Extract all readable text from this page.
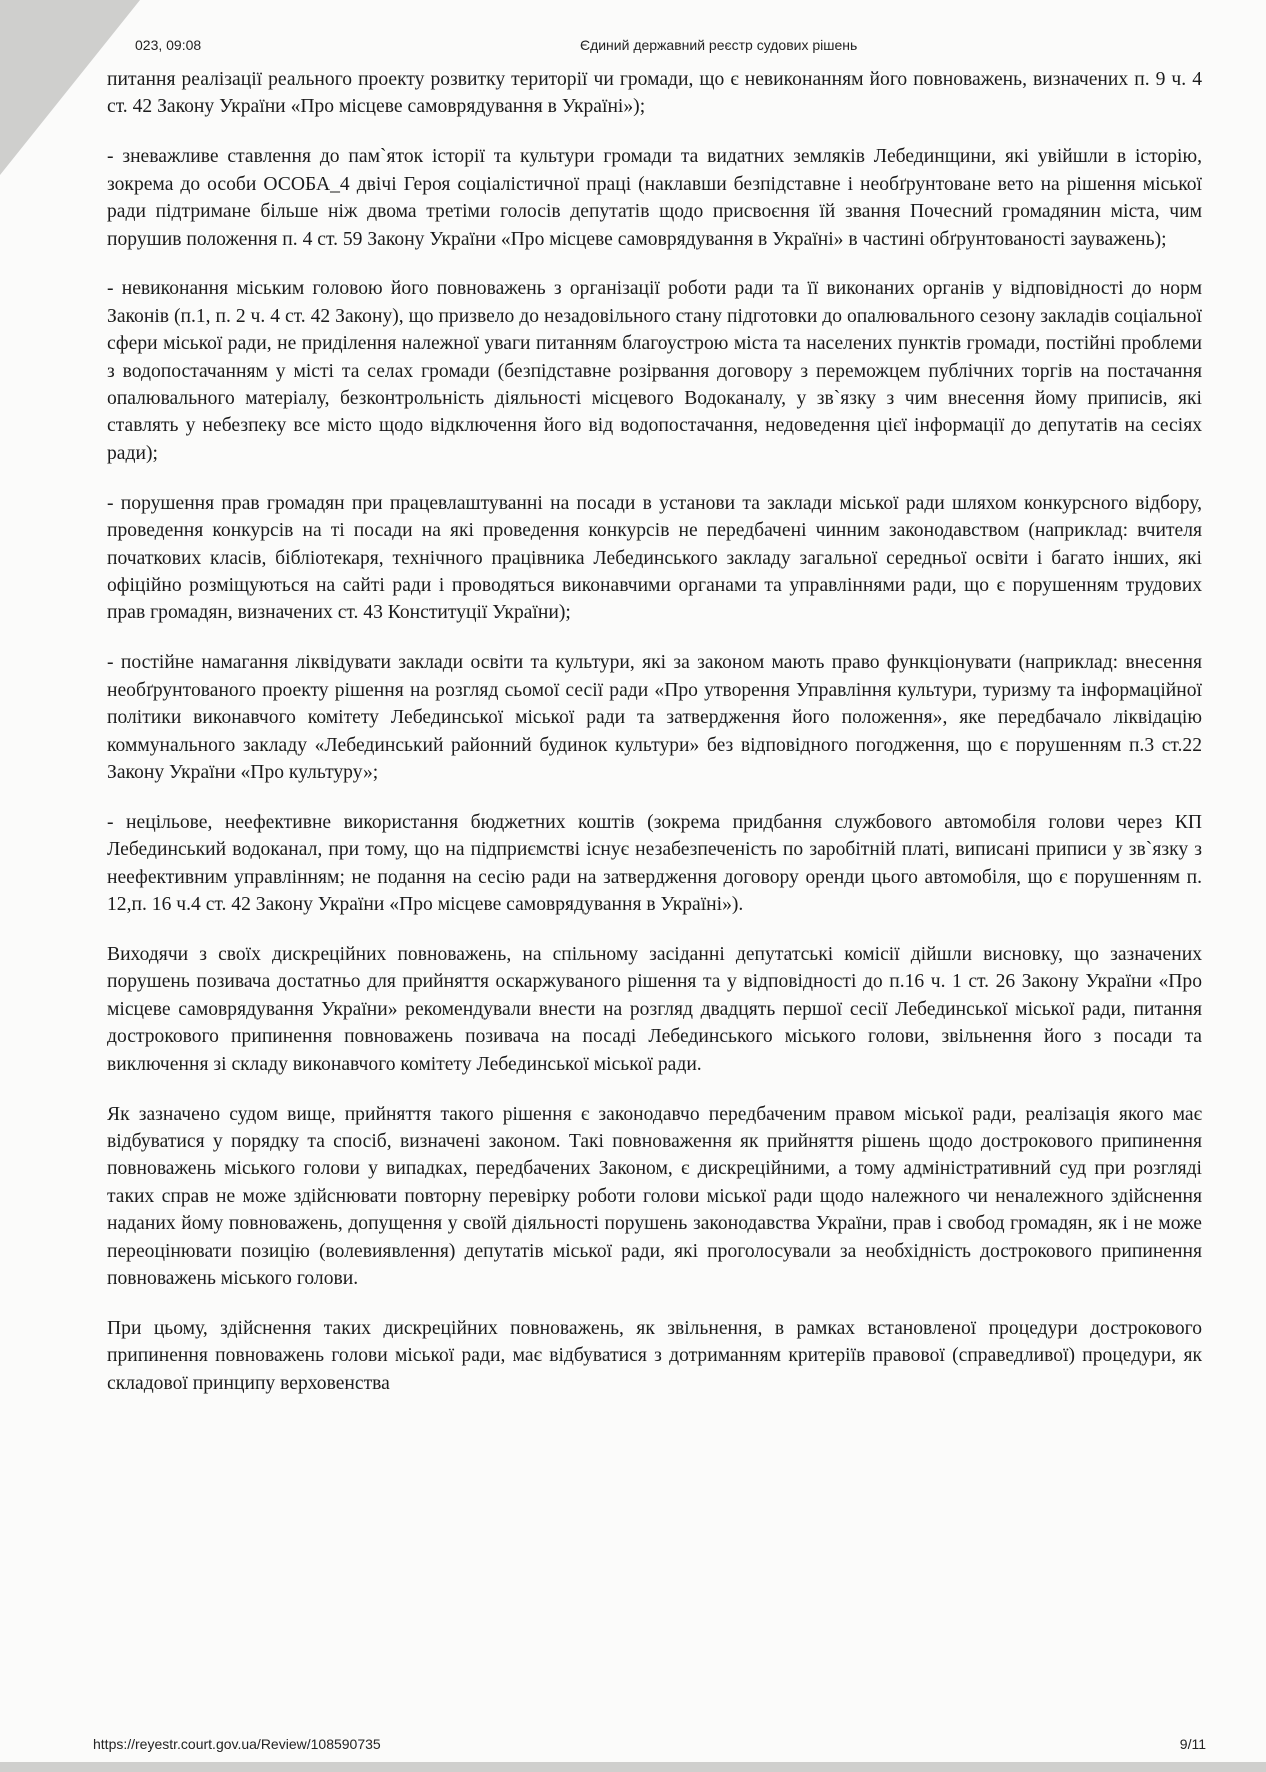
023, 09:08	Єдиний державний реєстр судових рішень

питання реалізації реального проекту розвитку території чи громади, що є невиконанням його повноважень, визначених п. 9 ч. 4 ст. 42 Закону України «Про місцеве самоврядування в Україні»);

- зневажливе ставлення до пам`яток історії та культури громади та видатних земляків Лебединщини, які увійшли в історію, зокрема до особи ОСОБА_4 двічі Героя соціалістичної праці (наклавши безпідставне і необґрунтоване вето на рішення міської ради підтримане більше ніж двома третіми голосів депутатів щодо присвоєння їй звання Почесний громадянин міста, чим порушив положення п. 4 ст. 59 Закону України «Про місцеве самоврядування в Україні» в частині обґрунтованості зауважень);

- невиконання міським головою його повноважень з організації роботи ради та її виконаних органів у відповідності до норм Законів (п.1, п. 2 ч. 4 ст. 42 Закону), що призвело до незадовільного стану підготовки до опалювального сезону закладів соціальної сфери міської ради, не приділення належної уваги питанням благоустрою міста та населених пунктів громади, постійні проблеми з водопостачанням у місті та селах громади (безпідставне розірвання договору з переможцем публічних торгів на постачання опалювального матеріалу, безконтрольність діяльності місцевого Водоканалу, у зв`язку з чим внесення йому приписів, які ставлять у небезпеку все місто щодо відключення його від водопостачання, недоведення цієї інформації до депутатів на сесіях ради);

- порушення прав громадян при працевлаштуванні на посади в установи та заклади міської ради шляхом конкурсного відбору, проведення конкурсів на ті посади на які проведення конкурсів не передбачені чинним законодавством (наприклад: вчителя початкових класів, бібліотекаря, технічного працівника Лебединського закладу загальної середньої освіти і багато інших, які офіційно розміщуються на сайті ради і проводяться виконавчими органами та управліннями ради, що є порушенням трудових прав громадян, визначених ст. 43 Конституції України);

- постійне намагання ліквідувати заклади освіти та культури, які за законом мають право функціонувати (наприклад: внесення необґрунтованого проекту рішення на розгляд сьомої сесії ради «Про утворення Управління культури, туризму та інформаційної політики виконавчого комітету Лебединської міської ради та затвердження його положення», яке передбачало ліквідацію коммунального закладу «Лебединський районний будинок культури» без відповідного погодження, що є порушенням п.3 ст.22 Закону України «Про культуру»;

- нецільове, неефективне використання бюджетних коштів (зокрема придбання службового автомобіля голови через КП Лебединський водоканал, при тому, що на підприємстві існує незабезпеченість по заробітній платі, виписані приписи у зв`язку з неефективним управлінням; не подання на сесію ради на затвердження договору оренди цього автомобіля, що є порушенням п. 12,п. 16 ч.4 ст. 42 Закону України «Про місцеве самоврядування в Україні»).

Виходячи з своїх дискреційних повноважень, на спільному засіданні депутатські комісії дійшли висновку, що зазначених порушень позивача достатньо для прийняття оскаржуваного рішення та у відповідності до п.16 ч. 1 ст. 26 Закону України «Про місцеве самоврядування України» рекомендували внести на розгляд двадцять першої сесії Лебединської міської ради, питання дострокового припинення повноважень позивача на посаді Лебединського міського голови, звільнення його з посади та виключення зі складу виконавчого комітету Лебединської міської ради.

Як зазначено судом вище, прийняття такого рішення є законодавчо передбаченим правом міської ради, реалізація якого має відбуватися у порядку та спосіб, визначені законом. Такі повноваження як прийняття рішень щодо дострокового припинення повноважень міського голови у випадках, передбачених Законом, є дискреційними, а тому адміністративний суд при розгляді таких справ не може здійснювати повторну перевірку роботи голови міської ради щодо належного чи неналежного здійснення наданих йому повноважень, допущення у своїй діяльності порушень законодавства України, прав і свобод громадян, як і не може переоцінювати позицію (волевиявлення) депутатів міської ради, які проголосували за необхідність дострокового припинення повноважень міського голови.

При цьому, здійснення таких дискреційних повноважень, як звільнення, в рамках встановленої процедури дострокового припинення повноважень голови міської ради, має відбуватися з дотриманням критеріїв правової (справедливої) процедури, як складової принципу верховенства

https://reyestr.court.gov.ua/Review/108590735	9/11
